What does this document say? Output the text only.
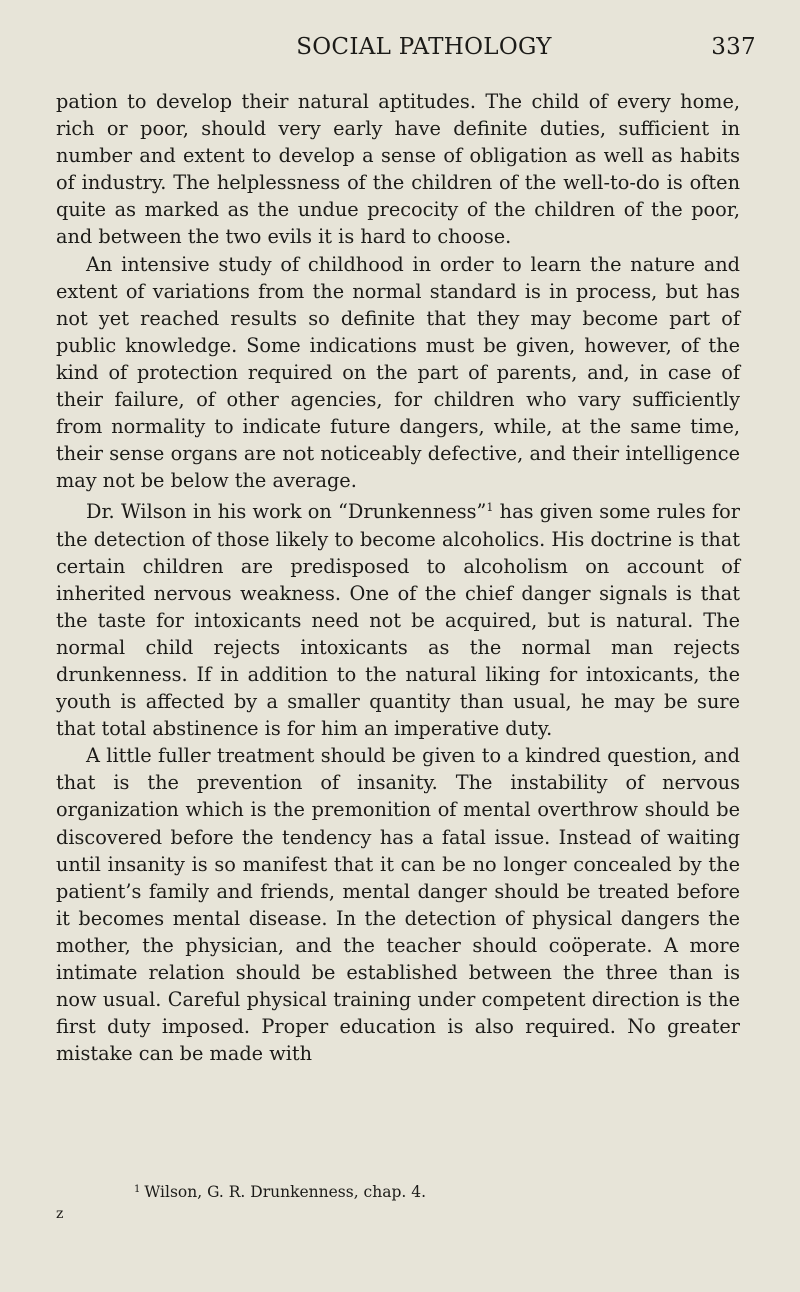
SOCIAL PATHOLOGY	337

pation to develop their natural aptitudes. The child of every home, rich or poor, should very early have definite duties, sufficient in number and extent to develop a sense of obligation as well as habits of industry. The helplessness of the children of the well-to-do is often quite as marked as the undue precocity of the children of the poor, and between the two evils it is hard to choose.

An intensive study of childhood in order to learn the nature and extent of variations from the normal standard is in process, but has not yet reached results so definite that they may become part of public knowledge. Some indications must be given, however, of the kind of protection required on the part of parents, and, in case of their failure, of other agencies, for children who vary sufficiently from normality to indicate future dangers, while, at the same time, their sense organs are not noticeably defective, and their intelligence may not be below the average.

Dr. Wilson in his work on “Drunkenness”$^1$ has given some rules for the detection of those likely to become alcoholics. His doctrine is that certain children are predisposed to alcoholism on account of inherited nervous weakness. One of the chief danger signals is that the taste for intoxicants need not be acquired, but is natural. The normal child rejects intoxicants as the normal man rejects drunkenness. If in addition to the natural liking for intoxicants, the youth is affected by a smaller quantity than usual, he may be sure that total abstinence is for him an imperative duty.

A little fuller treatment should be given to a kindred question, and that is the prevention of insanity. The instability of nervous organization which is the premonition of mental overthrow should be discovered before the tendency has a fatal issue. Instead of waiting until insanity is so manifest that it can be no longer concealed by the patient’s family and friends, mental danger should be treated before it becomes mental disease. In the detection of physical dangers the mother, the physician, and the teacher should coöperate. A more intimate relation should be established between the three than is now usual. Careful physical training under competent direction is the first duty imposed. Proper education is also required. No greater mistake can be made with

$^1$ Wilson, G. R. Drunkenness, chap. 4.
z
